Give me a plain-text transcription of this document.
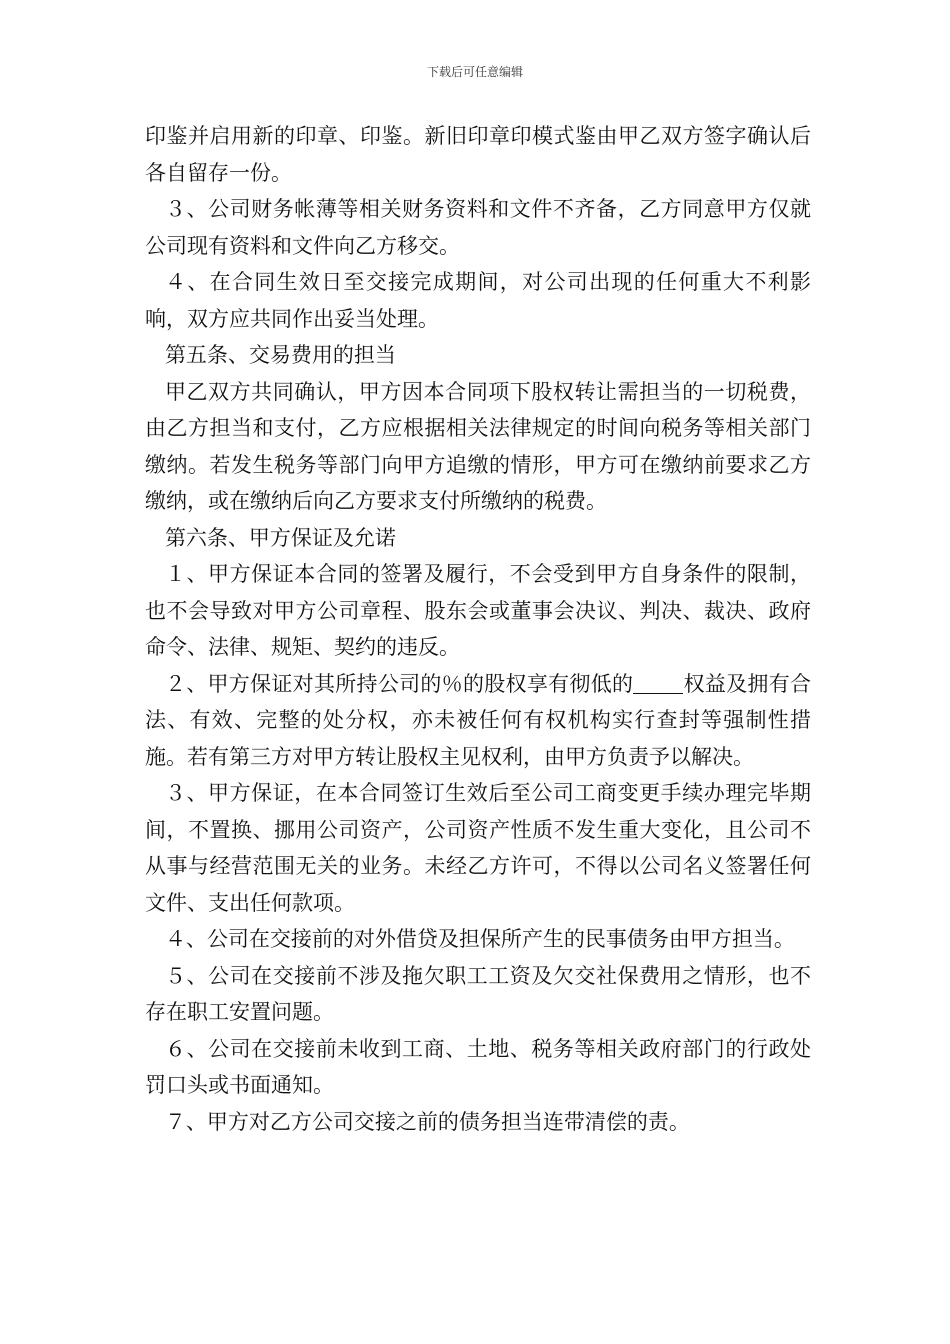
下载后可任意编辑

印鉴并启用新的印章、印鉴。新旧印章印模式鉴由甲乙双方签字确认后各自留存一份。

３、公司财务帐薄等相关财务资料和文件不齐备，乙方同意甲方仅就公司现有资料和文件向乙方移交。

４、在合同生效日至交接完成期间，对公司出现的任何重大不利影响，双方应共同作出妥当处理。

第五条、交易费用的担当

甲乙双方共同确认，甲方因本合同项下股权转让需担当的一切税费，由乙方担当和支付，乙方应根据相关法律规定的时间向税务等相关部门缴纳。若发生税务等部门向甲方追缴的情形，甲方可在缴纳前要求乙方缴纳，或在缴纳后向乙方要求支付所缴纳的税费。

第六条、甲方保证及允诺

１、甲方保证本合同的签署及履行，不会受到甲方自身条件的限制，也不会导致对甲方公司章程、股东会或董事会决议、判决、裁决、政府命令、法律、规矩、契约的违反。

２、甲方保证对其所持公司的％的股权享有彻低的 权益及拥有合法、有效、完整的处分权，亦未被任何有权机构实行查封等强制性措施。若有第三方对甲方转让股权主见权利，由甲方负责予以解决。

３、甲方保证，在本合同签订生效后至公司工商变更手续办理完毕期间，不置换、挪用公司资产，公司资产性质不发生重大变化，且公司不从事与经营范围无关的业务。未经乙方许可，不得以公司名义签署任何文件、支出任何款项。

４、公司在交接前的对外借贷及担保所产生的民事债务由甲方担当。

５、公司在交接前不涉及拖欠职工工资及欠交社保费用之情形，也不存在职工安置问题。

６、公司在交接前未收到工商、土地、税务等相关政府部门的行政处罚口头或书面通知。

７、甲方对乙方公司交接之前的债务担当连带清偿的责。
